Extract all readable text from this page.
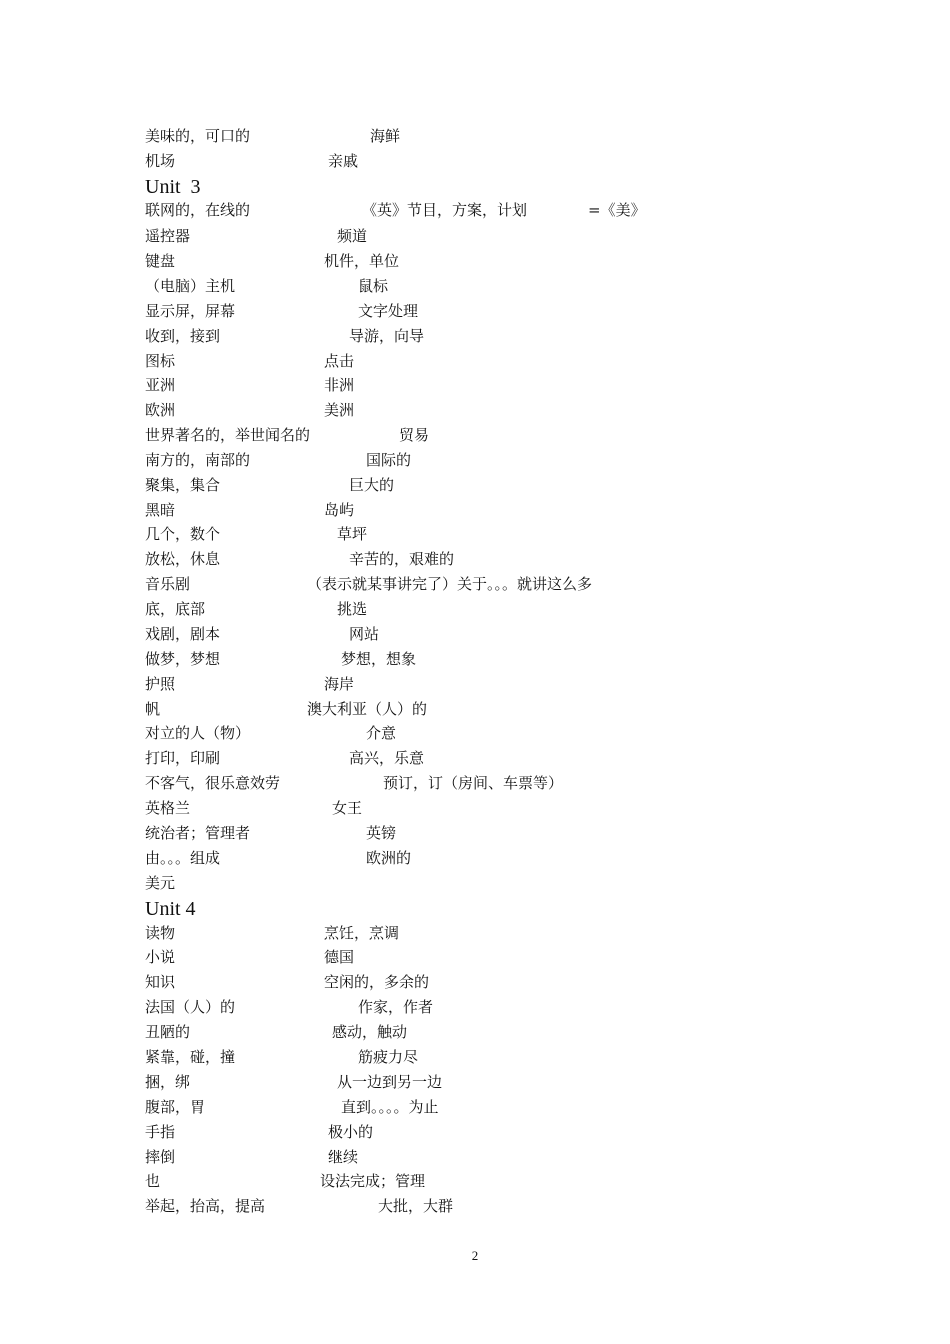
美味的，可口的	海鲜
机场	亲戚
Unit  3
联网的，在线的	《英》节目，方案，计划	=《美》
遥控器	频道
键盘	机件，单位
（电脑）主机	鼠标
显示屏，屏幕	文字处理
收到，接到	导游，向导
图标	点击
亚洲	非洲
欧洲	美洲
世界著名的，举世闻名的	贸易
南方的，南部的	国际的
聚集，集合	巨大的
黑暗	岛屿
几个，数个	草坪
放松，休息	辛苦的，艰难的
音乐剧	（表示就某事讲完了）关于。。。就讲这么多
底，底部	挑选
戏剧，剧本	网站
做梦，梦想	梦想，想象
护照	海岸
帆	澳大利亚（人）的
对立的人（物）	介意
打印，印刷	高兴，乐意
不客气，很乐意效劳	预订，订（房间、车票等）
英格兰	女王
统治者；管理者	英镑
由。。。组成	欧洲的
美元
Unit 4
读物	烹饪，烹调
小说	德国
知识	空闲的，多余的
法国（人）的	作家，作者
丑陋的	感动，触动
紧靠，碰，撞	筋疲力尽
捆，绑	从一边到另一边
腹部，胃	直到。。。。为止
手指	极小的
摔倒	继续
也	设法完成；管理
举起，抬高，提高	大批，大群
2
